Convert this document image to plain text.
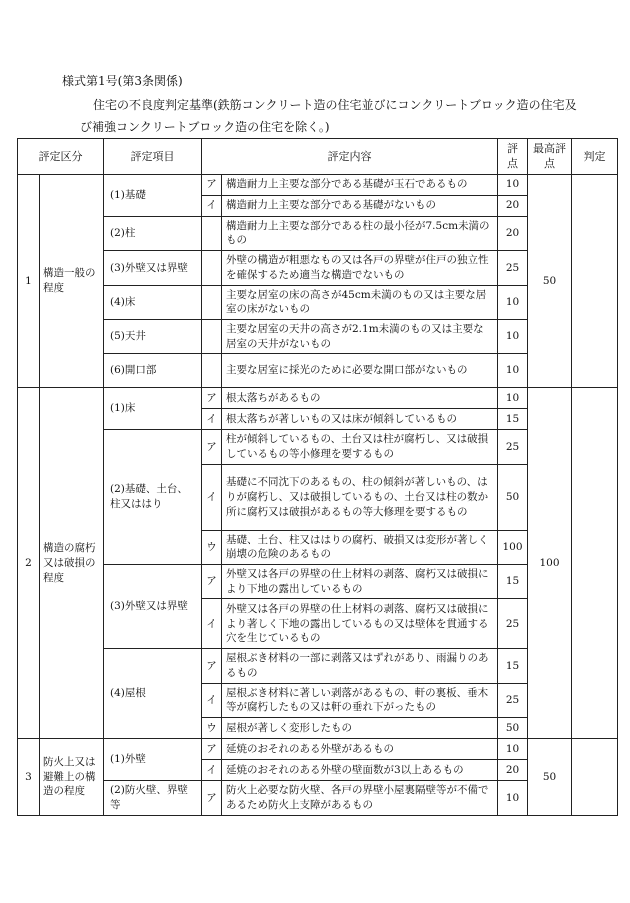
様式第1号(第3条関係)
住宅の不良度判定基準(鉄筋コンクリート造の住宅並びにコンクリートブロック造の住宅及
び補強コンクリートブロック造の住宅を除く。)
評定区分		評定項目	評定内容		評点	最高評点	判定
1	構造一般の程度	(1)基礎	ア	構造耐力上主要な部分である基礎が玉石であるもの	10	50	
			イ	構造耐力上主要な部分である基礎がないもの	20		
		(2)柱		構造耐力上主要な部分である柱の最小径が7.5cm未満のもの	20		
		(3)外壁又は界壁		外壁の構造が粗悪なもの又は各戸の界壁が住戸の独立性を確保するため適当な構造でないもの	25		
		(4)床		主要な居室の床の高さが45cm未満のもの又は主要な居室の床がないもの	10		
		(5)天井		主要な居室の天井の高さが2.1m未満のもの又は主要な居室の天井がないもの	10		
		(6)開口部		主要な居室に採光のために必要な開口部がないもの	10		
2	構造の腐朽又は破損の程度	(1)床	ア	根太落ちがあるもの	10	100	
			イ	根太落ちが著しいもの又は床が傾斜しているもの	15		
		(2)基礎、土台、柱又ははり	ア	柱が傾斜しているもの、土台又は柱が腐朽し、又は破損しているもの等小修理を要するもの	25		
			イ	基礎に不同沈下のあるもの、柱の傾斜が著しいもの、はりが腐朽し、又は破損しているもの、土台又は柱の数か所に腐朽又は破損があるもの等大修理を要するもの	50		
			ウ	基礎、土台、柱又ははりの腐朽、破損又は変形が著しく崩壊の危険のあるもの	100		
		(3)外壁又は界壁	ア	外壁又は各戸の界壁の仕上材料の剥落、腐朽又は破損により下地の露出しているもの	15		
			イ	外壁又は各戸の界壁の仕上材料の剥落、腐朽又は破損により著しく下地の露出しているもの又は壁体を貫通する穴を生じているもの	25		
		(4)屋根	ア	屋根ぶき材料の一部に剥落又はずれがあり、雨漏りのあるもの	15		
			イ	屋根ぶき材料に著しい剥落があるもの、軒の裏板、垂木等が腐朽したもの又は軒の垂れ下がったもの	25		
			ウ	屋根が著しく変形したもの	50		
3	防火上又は避難上の構造の程度	(1)外壁	ア	延焼のおそれのある外壁があるもの	10	50	
			イ	延焼のおそれのある外壁の壁面数が3以上あるもの	20		
		(2)防火壁、界壁等	ア	防火上必要な防火壁、各戸の界壁小屋裏隔壁等が不備であるため防火上支障があるもの	10		
